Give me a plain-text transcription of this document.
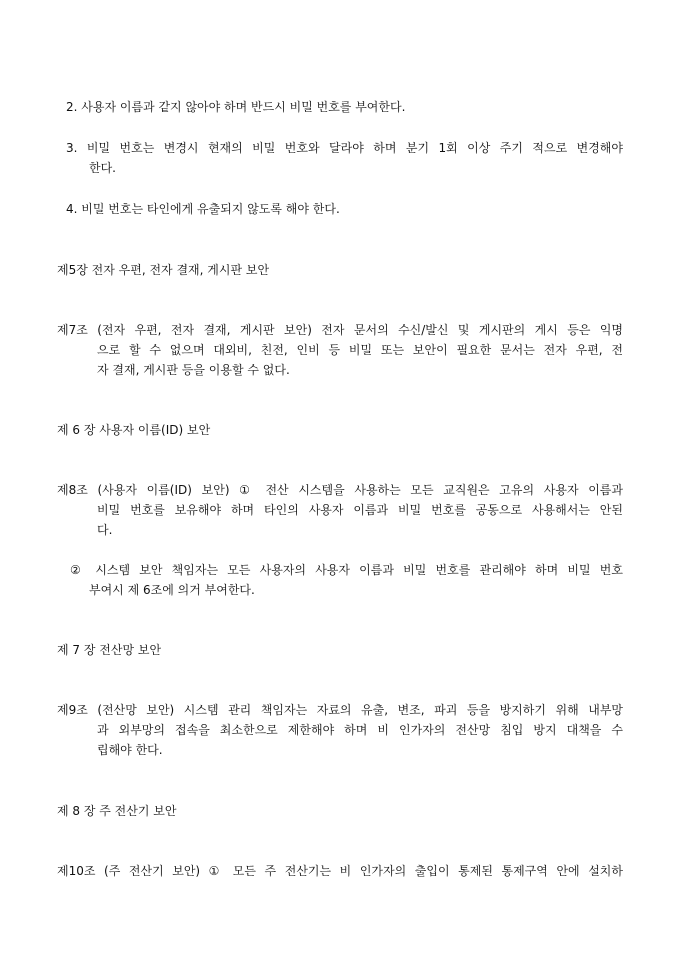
2. 사용자 이름과 같지 않아야 하며 반드시 비밀 번호를 부여한다.
3. 비밀 번호는 변경시 현재의 비밀 번호와 달라야 하며 분기 1회 이상 주기 적으로 변경해야
한다.
4. 비밀 번호는 타인에게 유출되지 않도록 해야 한다.
제5장 전자 우편, 전자 결재, 게시판 보안
제7조 (전자 우편, 전자 결재, 게시판 보안) 전자 문서의 수신/발신 및 게시판의 게시 등은 익명
으로 할 수 없으며 대외비, 친전, 인비 등 비밀 또는 보안이 필요한 문서는 전자 우편, 전
자 결재, 게시판 등을 이용할 수 없다.
제 6 장 사용자 이름(ID) 보안
제8조 (사용자 이름(ID) 보안) ① 전산 시스템을 사용하는 모든 교직원은 고유의 사용자 이름과
비밀 번호를 보유해야 하며 타인의 사용자 이름과 비밀 번호를 공동으로 사용해서는 안된
다.
② 시스템 보안 책임자는 모든 사용자의 사용자 이름과 비밀 번호를 관리해야 하며 비밀 번호
부여시 제 6조에 의거 부여한다.
제 7 장 전산망 보안
제9조 (전산망 보안) 시스템 관리 책임자는 자료의 유출, 변조, 파괴 등을 방지하기 위해 내부망
과 외부망의 접속을 최소한으로 제한해야 하며 비 인가자의 전산망 침입 방지 대책을 수
립해야 한다.
제 8 장 주 전산기 보안
제10조 (주 전산기 보안) ① 모든 주 전산기는 비 인가자의 출입이 통제된 통제구역 안에 설치하
